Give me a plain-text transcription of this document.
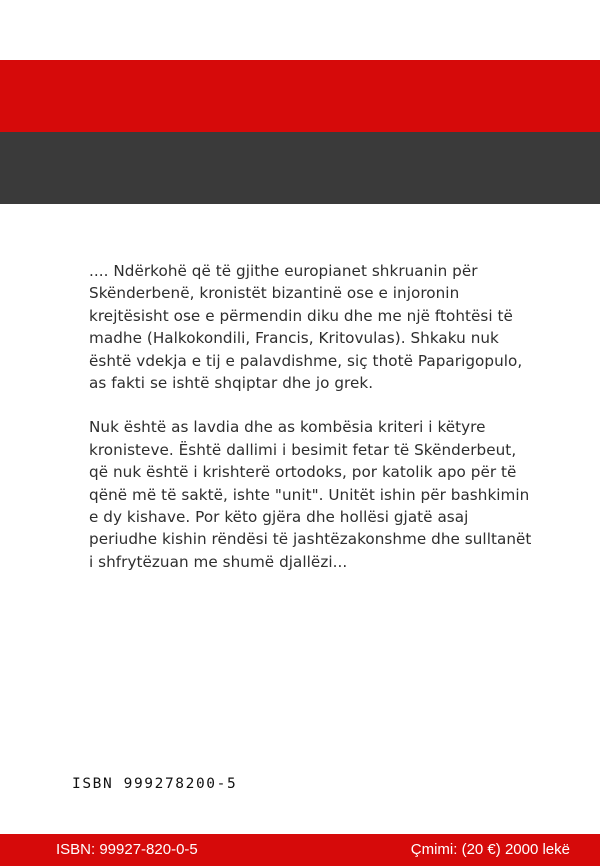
.... Ndërkohë që të gjithe europianet shkruanin për Skënderbenë, kronistët bizantinë ose e injoronin krejtësisht ose e përmendin diku dhe me një ftohtësi të madhe (Halkokondili, Francis, Kritovulas). Shkaku nuk është vdekja e tij e palavdishme, siç thotë Paparigopulo, as fakti se ishtë shqiptar dhe jo grek.

Nuk është as lavdia dhe as kombësia kriteri i këtyre kronisteve. Është dallimi i besimit fetar të Skënderbeut, që nuk është i krishterë ortodoks, por katolik apo për të qënë më të saktë, ishte "unit". Unitët ishin për bashkimin e dy kishave. Por këto gjëra dhe hollësi gjatë asaj periudhe kishin rëndësi të jashtëzakonshme dhe sulltanët i shfrytëzuan me shumë djallëzi...

ISBN 999278200-5
ISBN: 99927-820-0-5	Çmimi: (20 €) 2000 lekë
